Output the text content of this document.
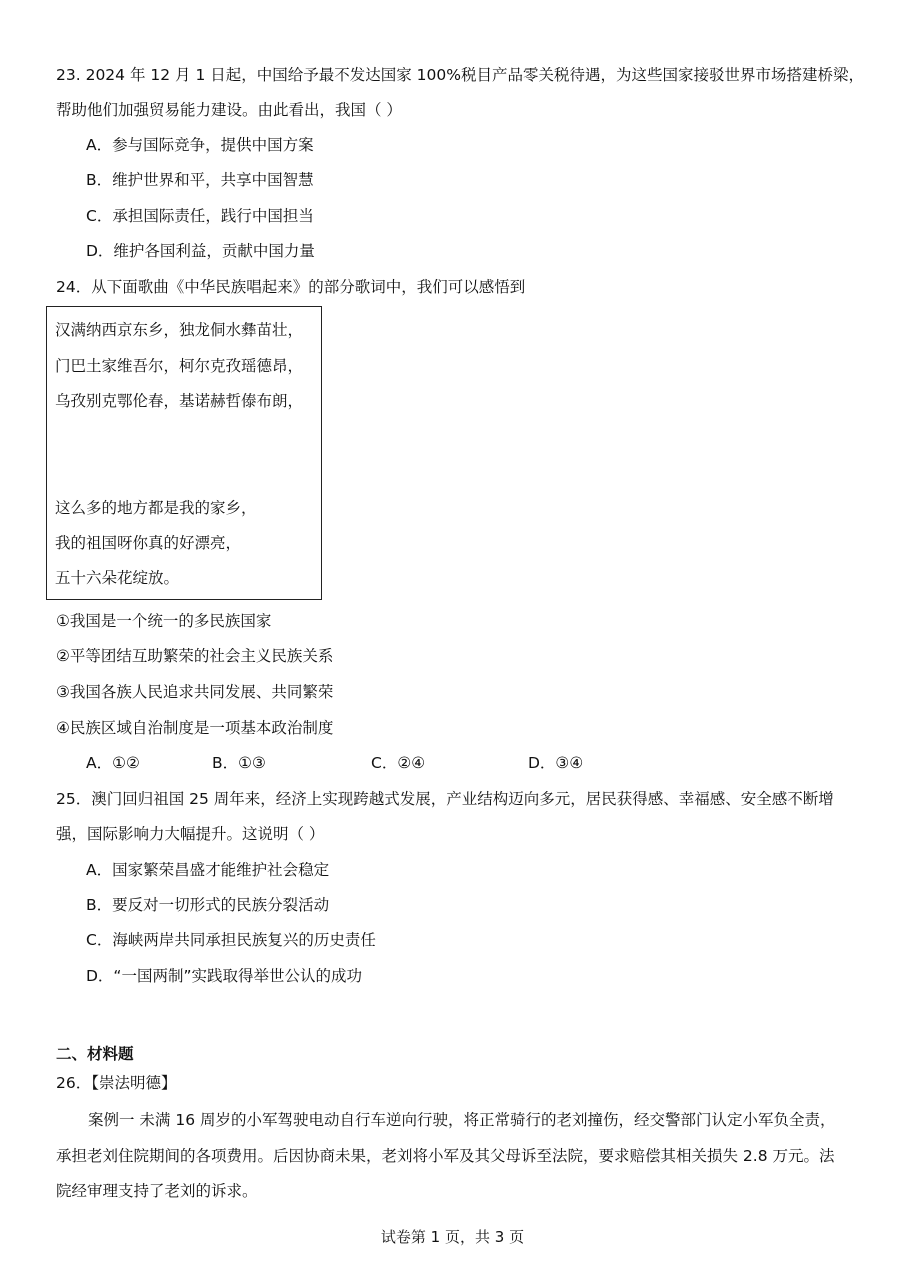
23. 2024 年 12 月 1 日起，中国给予最不发达国家 100%税目产品零关税待遇，为这些国家接驳世界市场搭建桥梁，
帮助他们加强贸易能力建设。由此看出，我国（ ）
A．参与国际竞争，提供中国方案
B．维护世界和平，共享中国智慧
C．承担国际责任，践行中国担当
D．维护各国利益，贡献中国力量
24．从下面歌曲《中华民族唱起来》的部分歌词中，我们可以感悟到
汉满纳西京东乡，独龙侗水彝苗壮，
门巴土家维吾尔，柯尔克孜瑶德昂，
乌孜别克鄂伦春，基诺赫哲傣布朗，
这么多的地方都是我的家乡，
我的祖国呀你真的好漂亮，
五十六朵花绽放。
①我国是一个统一的多民族国家
②平等团结互助繁荣的社会主义民族关系
③我国各族人民追求共同发展、共同繁荣
④民族区域自治制度是一项基本政治制度
A．①②	B．①③	C．②④	D．③④
25．澳门回归祖国 25 周年来，经济上实现跨越式发展，产业结构迈向多元，居民获得感、幸福感、安全感不断增
强，国际影响力大幅提升。这说明（ ）
A．国家繁荣昌盛才能维护社会稳定
B．要反对一切形式的民族分裂活动
C．海峡两岸共同承担民族复兴的历史责任
D．“一国两制”实践取得举世公认的成功
二、材料题
26．【崇法明德】
案例一 未满 16 周岁的小军驾驶电动自行车逆向行驶，将正常骑行的老刘撞伤，经交警部门认定小军负全责，
承担老刘住院期间的各项费用。后因协商未果，老刘将小军及其父母诉至法院，要求赔偿其相关损失 2.8 万元。法
院经审理支持了老刘的诉求。
试卷第 1 页，共 3 页
